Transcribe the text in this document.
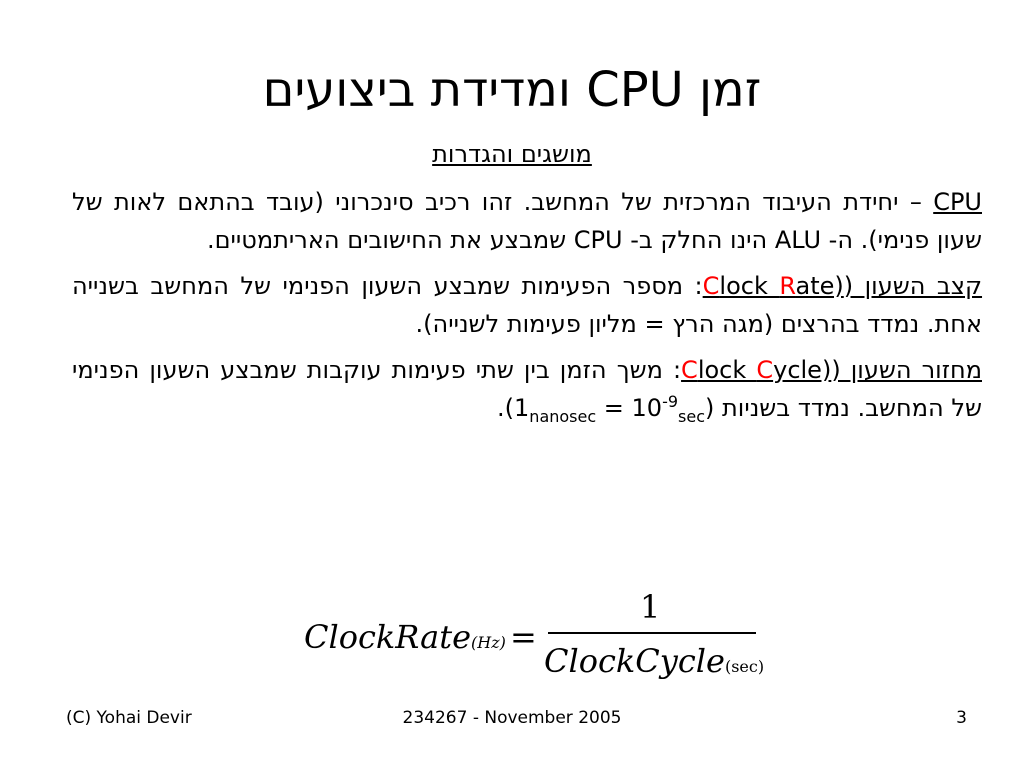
זמן CPU ומדידת ביצועים
מושגים והגדרות

CPU – יחידת העיבוד המרכזית של המחשב. זהו רכיב סינכרוני (עובד בהתאם לאות של שעון פנימי). ה- ALU הינו החלק ב- CPU שמבצע את החישובים האריתמטיים.

קצב השעון (Clock Rate): מספר הפעימות שמבצע השעון הפנימי של המחשב בשנייה אחת. נמדד בהרצים (מגה הרץ = מליון פעימות לשנייה).

מחזור השעון (Clock Cycle): משך הזמן בין שתי פעימות עוקבות שמבצע השעון הפנימי של המחשב. נמדד בשניות $(1_{nanosec} = 10^{-9}_{sec})$.

ClockRate(Hz) =
1
ClockCycle(sec)
(C) Yohai Devir	234267 - November 2005	3
